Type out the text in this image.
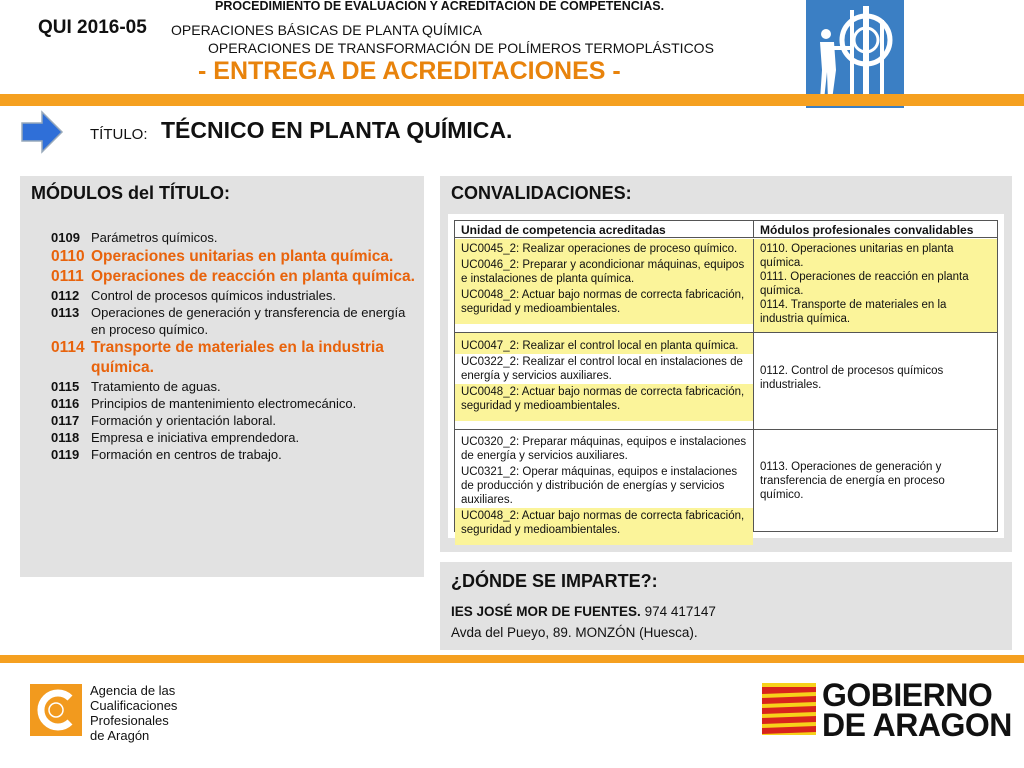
PROCEDIMIENTO DE EVALUACIÓN Y ACREDITACIÓN DE COMPETENCIAS.
QUI 2016-05 OPERACIONES BÁSICAS DE PLANTA QUÍMICA
OPERACIONES DE TRANSFORMACIÓN DE POLÍMEROS TERMOPLÁSTICOS
- ENTREGA DE ACREDITACIONES -
TÍTULO: TÉCNICO EN PLANTA QUÍMICA.
MÓDULOS del TÍTULO:
0109 Parámetros químicos.
0110 Operaciones unitarias en planta química.
0111 Operaciones de reacción en planta química.
0112 Control de procesos químicos industriales.
0113 Operaciones de generación y transferencia de energía en proceso químico.
0114 Transporte de materiales en la industria química.
0115 Tratamiento de aguas.
0116 Principios de mantenimiento electromecánico.
0117 Formación y orientación laboral.
0118 Empresa e iniciativa emprendedora.
0119 Formación en centros de trabajo.
CONVALIDACIONES:
Unidad de competencia acreditadas	Módulos profesionales convalidables
UC0045_2: Realizar operaciones de proceso químico.
UC0046_2: Preparar y acondicionar máquinas, equipos e instalaciones de planta química.
UC0048_2: Actuar bajo normas de correcta fabricación, seguridad y medioambientales.
0110. Operaciones unitarias en planta química.
0111. Operaciones de reacción en planta química.
0114. Transporte de materiales en la industria química.
UC0047_2: Realizar el control local en planta química.
UC0322_2: Realizar el control local en instalaciones de energía y servicios auxiliares.
UC0048_2: Actuar bajo normas de correcta fabricación, seguridad y medioambientales.
0112. Control de procesos químicos industriales.
UC0320_2: Preparar máquinas, equipos e instalaciones de energía y servicios auxiliares.
UC0321_2: Operar máquinas, equipos e instalaciones de producción y distribución de energías y servicios auxiliares.
UC0048_2: Actuar bajo normas de correcta fabricación, seguridad y medioambientales.
0113. Operaciones de generación y transferencia de energía en proceso químico.
¿DÓNDE SE IMPARTE?:
IES JOSÉ MOR DE FUENTES. 974 417147
Avda del Pueyo, 89. MONZÓN (Huesca).
Agencia de las
Cualificaciones
Profesionales
de Aragón
GOBIERNO
DE ARAGON
